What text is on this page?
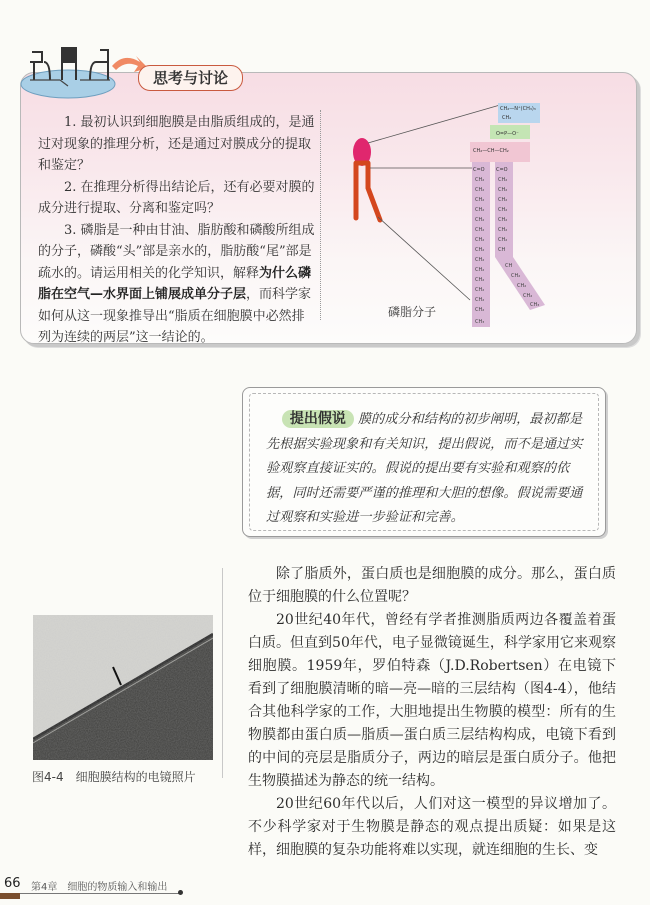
思考与讨论

1. 最初认识到细胞膜是由脂质组成的，是通过对现象的推理分析，还是通过对膜成分的提取和鉴定？

2. 在推理分析得出结论后，还有必要对膜的成分进行提取、分离和鉴定吗？

3. 磷脂是一种由甘油、脂肪酸和磷酸所组成的分子，磷酸“头”部是亲水的，脂肪酸“尾”部是疏水的。请运用相关的化学知识，解释为什么磷脂在空气—水界面上铺展成单分子层，而科学家如何从这一现象推导出“脂质在细胞膜中必然排列为连续的两层”这一结论的。

CH₂—N⁺(CH₃)₃
CH₂
O=P—O⁻
CH₂—CH—CH₂
C=O C=O
CH₂
CH₂
CH₂
CH₂
CH₂
CH₂
CH₂
CH₂
CH₂
CH₂
CH₂
CH₂
CH₂
CH₂
CH₃
CH₂
CH₂
CH₂
CH₂
CH₂
CH₂
CH₂
CH
CH
CH₂
CH₂
CH₂
CH₃
磷脂分子

提出假说 膜的成分和结构的初步阐明，最初都是先根据实验现象和有关知识，提出假说，而不是通过实验观察直接证实的。假说的提出要有实验和观察的依据，同时还需要严谨的推理和大胆的想像。假说需要通过观察和实验进一步验证和完善。

图4-4　细胞膜结构的电镜照片

除了脂质外，蛋白质也是细胞膜的成分。那么，蛋白质位于细胞膜的什么位置呢？

20世纪40年代，曾经有学者推测脂质两边各覆盖着蛋白质。但直到50年代，电子显微镜诞生，科学家用它来观察细胞膜。1959年，罗伯特森（J.D.Robertsen）在电镜下看到了细胞膜清晰的暗—亮—暗的三层结构（图4-4），他结合其他科学家的工作，大胆地提出生物膜的模型：所有的生物膜都由蛋白质—脂质—蛋白质三层结构构成，电镜下看到的中间的亮层是脂质分子，两边的暗层是蛋白质分子。他把生物膜描述为静态的统一结构。

20世纪60年代以后，人们对这一模型的异议增加了。不少科学家对于生物膜是静态的观点提出质疑：如果是这样，细胞膜的复杂功能将难以实现，就连细胞的生长、变

66 第4章　细胞的物质输入和输出
